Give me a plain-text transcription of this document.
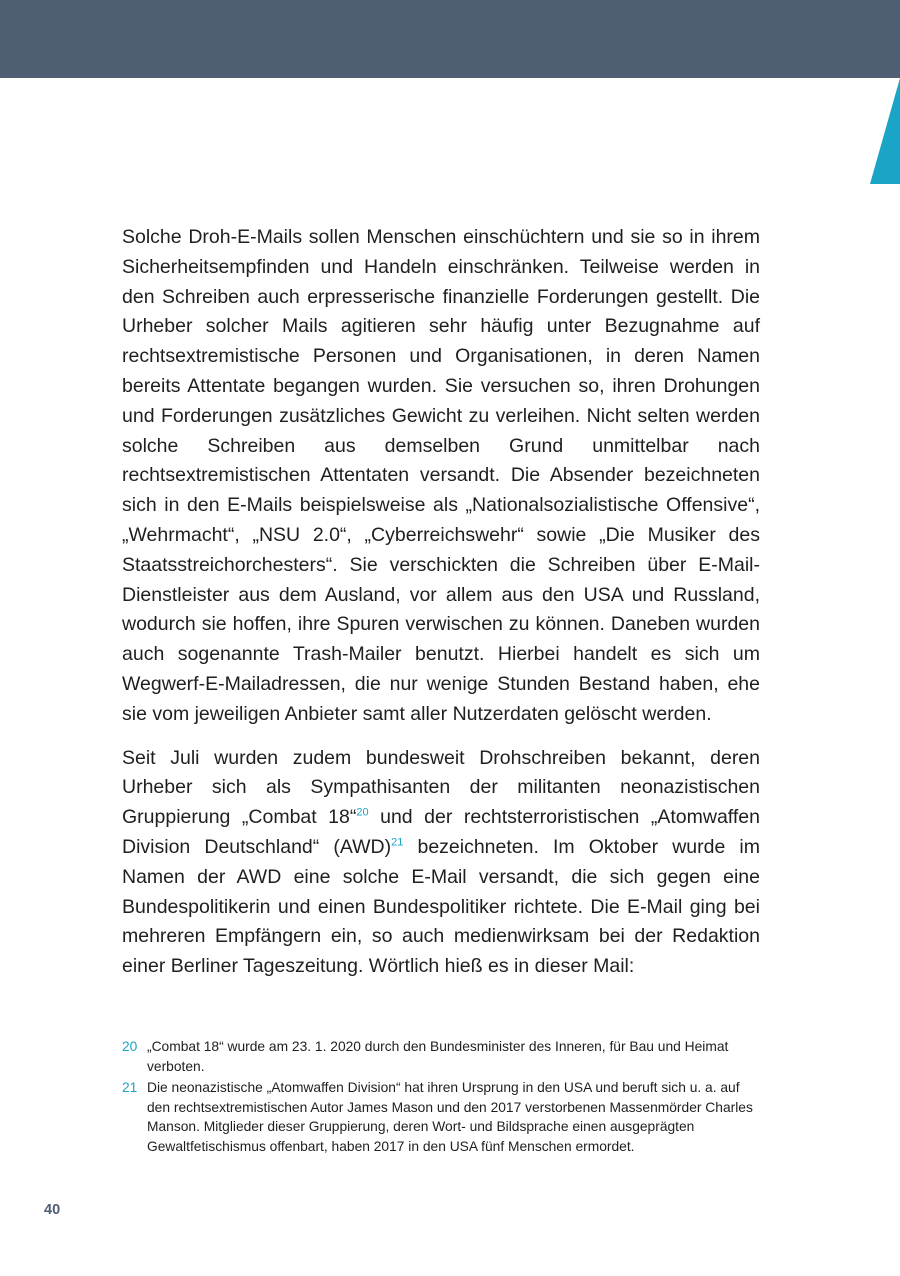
Solche Droh-E-Mails sollen Menschen einschüchtern und sie so in ihrem Sicherheitsempfinden und Handeln einschränken. Teilweise werden in den Schreiben auch erpresserische finanzielle Forderungen gestellt. Die Urheber solcher Mails agitieren sehr häufig unter Bezugnahme auf rechtsextremistische Personen und Organisationen, in deren Namen bereits Attentate begangen wurden. Sie versuchen so, ihren Drohungen und Forderungen zusätzliches Gewicht zu verleihen. Nicht selten werden solche Schreiben aus demselben Grund unmittelbar nach rechtsextremistischen Attentaten versandt. Die Absender bezeichneten sich in den E-Mails beispielsweise als „Nationalsozialistische Offensive“, „Wehrmacht“, „NSU 2.0“, „Cyberreichswehr“ sowie „Die Musiker des Staatsstreichorchesters“. Sie verschickten die Schreiben über E-Mail-Dienstleister aus dem Ausland, vor allem aus den USA und Russland, wodurch sie hoffen, ihre Spuren verwischen zu können. Daneben wurden auch sogenannte Trash-Mailer benutzt. Hierbei handelt es sich um Wegwerf-E-Mailadressen, die nur wenige Stunden Bestand haben, ehe sie vom jeweiligen Anbieter samt aller Nutzerdaten gelöscht werden.

Seit Juli wurden zudem bundesweit Drohschreiben bekannt, deren Urheber sich als Sympathisanten der militanten neonazistischen Gruppierung „Combat 18“$^{20}$ und der rechtsterroristischen „Atomwaffen Division Deutschland“ (AWD)$^{21}$ bezeichneten. Im Oktober wurde im Namen der AWD eine solche E-Mail versandt, die sich gegen eine Bundespolitikerin und einen Bundespolitiker richtete. Die E-Mail ging bei mehreren Empfängern ein, so auch medienwirksam bei der Redaktion einer Berliner Tageszeitung. Wörtlich hieß es in dieser Mail:

20 „Combat 18“ wurde am 23. 1. 2020 durch den Bundesminister des Inneren, für Bau und Heimat verboten.
21 Die neonazistische „Atomwaffen Division“ hat ihren Ursprung in den USA und beruft sich u. a. auf den rechtsextremistischen Autor James Mason und den 2017 verstorbenen Massenmörder Charles Manson. Mitglieder dieser Gruppierung, deren Wort- und Bildsprache einen ausgeprägten Gewaltfetischismus offenbart, haben 2017 in den USA fünf Menschen ermordet.
40
